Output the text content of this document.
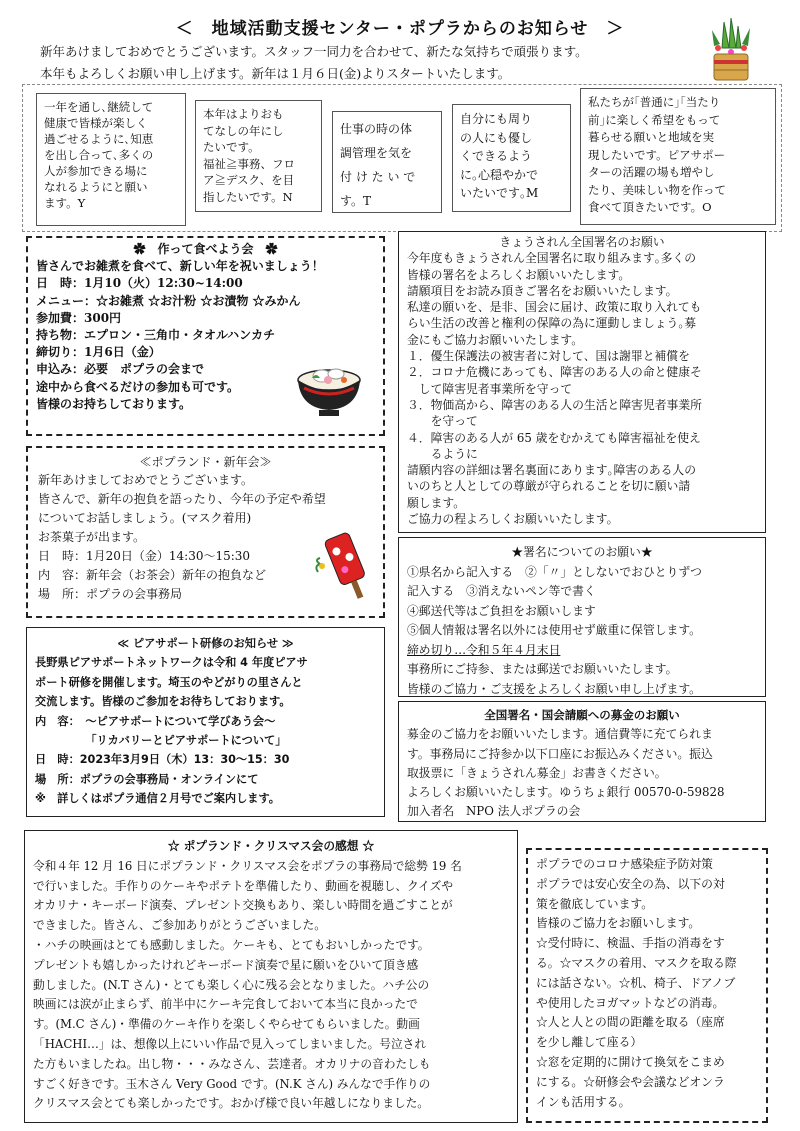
＜　地域活動支援センター・ポプラからのお知らせ　＞
新年あけましておめでとうございます。スタッフ一同力を合わせて、新たな気持ちで頑張ります。
本年もよろしくお願い申し上げます。新年は１月６日(金)よりスタートいたします。
一年を通し､継続して
健康で皆様が楽しく
過ごせるように､知恵
を出し合って､多くの
人が参加できる場に
なれるようにと願い
ます。Y
本年はよりおも
てなしの年にし
たいです。
福祉≧事務、フロ
ア≧デスク、を目
指したいです。N
仕事の時の体
調管理を気を
付 け た い で
す。T
自分にも周り
の人にも優し
くできるよう
に｡心穏やかで
いたいです｡M
私たちが｢普通に｣｢当たり
前｣に楽しく希望をもって
暮らせる願いと地域を実
現したいです。ピアサポー
ターの活躍の場も増やし
たり、美味しい物を作って
食べて頂きたいです。O
✿　作って食べよう会　✿
皆さんでお雑煮を食べて、新しい年を祝いましょう！
日　時：1月10（火）12:30~14:00
メニュー：☆お雑煮 ☆お汁粉 ☆お漬物 ☆みかん
参加費：300円
持ち物：エプロン・三角巾・タオルハンカチ
締切り：1月6日（金）
申込み：必要　ポプラの会まで
途中から食べるだけの参加も可です。
皆様のお持ちしております。
≪ポプランド・新年会≫
新年あけましておめでとうございます。
皆さんで、新年の抱負を語ったり、今年の予定や希望
についてお話しましょう。(マスク着用)
お茶菓子が出ます。
日　時：1月20日（金）14:30～15:30
内　容：新年会（お茶会）新年の抱負など
場　所：ポプラの会事務局
≪ ピアサポート研修のお知らせ ≫
長野県ピアサポートネットワークは令和 4 年度ピアサ
ポート研修を開催します。埼玉のやどがりの里さんと
交流します。皆様のご参加をお待ちしております。
内　容：　～ピアサポートについて学びあう会～
　　　　　「リカバリーとピアサポートについて」
日　時：2023年3月9日（木）13：30～15：30
場　所：ポプラの会事務局・オンラインにて
※　詳しくはポプラ通信２月号でご案内します。
きょうされん全国署名のお願い
今年度もきょうされん全国署名に取り組みます｡多くの
皆様の署名をよろしくお願いいたします。
請願項目をお読み頂きご署名をお願いいたします。
私達の願いを、是非、国会に届け、政策に取り入れても
らい生活の改善と権利の保障の為に運動しましょう｡募
金にもご協力お願いいたします。
１．優生保護法の被害者に対して、国は謝罪と補償を
２．コロナ危機にあっても、障害のある人の命と健康そ
　して障害児者事業所を守って
３．物価高から、障害のある人の生活と障害児者事業所
　　を守って
４．障害のある人が 65 歳をむかえても障害福祉を使え
　　るように
請願内容の詳細は署名裏面にあります｡障害のある人の
いのちと人としての尊厳が守られることを切に願い請
願します。
ご協力の程よろしくお願いいたします。
★署名についてのお願い★
①県名から記入する　②「〃」としないでおひとりずつ
記入する　③消えないペン等で書く
④郵送代等はご負担をお願いします
⑤個人情報は署名以外には使用せず厳重に保管します。
締め切り…令和５年４月末日
事務所にご持参、または郵送でお願いいたします。
皆様のご協力・ご支援をよろしくお願い申し上げます。
全国署名・国会請願への募金のお願い
募金のご協力をお願いいたします。通信費等に充てられま
す。事務局にご持参か以下口座にお振込みください。振込
取扱票に「きょうされん募金」お書きください。
よろしくお願いいたします。ゆうちょ銀行 00570-0-59828
加入者名　NPO 法人ポプラの会
☆ ポプランド・クリスマス会の感想 ☆
令和４年 12 月 16 日にポプランド・クリスマス会をポプラの事務局で総勢 19 名
で行いました。手作りのケーキやポテトを準備したり、動画を視聴し、クイズや
オカリナ・キーボード演奏、プレゼント交換もあり、楽しい時間を過ごすことが
できました。皆さん、ご参加ありがとうございました。
・ハチの映画はとても感動しました。ケーキも、とてもおいしかったです。
プレゼントも嬉しかったけれどキーボード演奏で星に願いをひいて頂き感
動しました。(N.T さん)・とても楽しく心に残る会となりました。ハチ公の
映画には涙が止まらず、前半中にケーキ完食しておいて本当に良かったで
す。(M.C さん)・準備のケーキ作りを楽しくやらせてもらいました。動画
「HACHI…」は、想像以上にいい作品で見入ってしまいました。号泣され
た方もいましたね。出し物・・・みなさん、芸達者。オカリナの音わたしも
すごく好きです。玉木さん Very Good です。(N.K さん) みんなで手作りの
クリスマス会とても楽しかったです。おかげ様で良い年越しになりました。
ポプラでのコロナ感染症予防対策
ポプラでは安心安全の為、以下の対
策を徹底しています。
皆様のご協力をお願いします。
☆受付時に、検温、手指の消毒をす
る。☆マスクの着用、マスクを取る際
には話さない。☆机、椅子、ドアノブ
や使用したヨガマットなどの消毒。
☆人と人との間の距離を取る（座席
を少し離して座る）
☆窓を定期的に開けて換気をこまめ
にする。☆研修会や会議などオンラ
インも活用する。
